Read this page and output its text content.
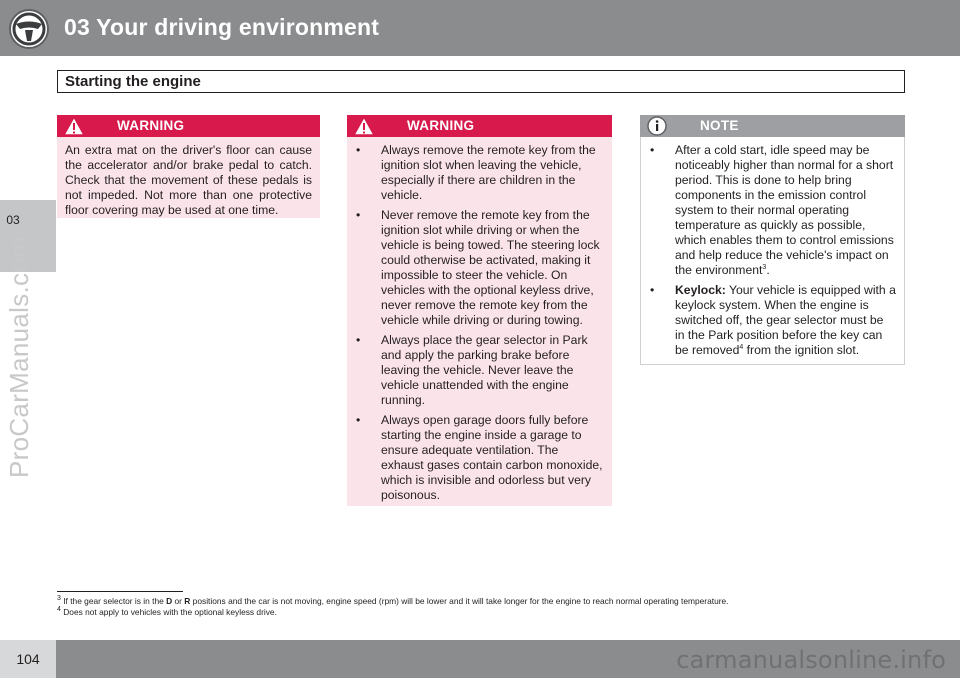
03 Your driving environment
03
ProCarManuals.com
Starting the engine
WARNING

An extra mat on the driver's floor can cause the accelerator and/or brake pedal to catch. Check that the movement of these pedals is not impeded. Not more than one protective floor covering may be used at one time.

WARNING
• Always remove the remote key from the ignition slot when leaving the vehicle, especially if there are children in the vehicle.
• Never remove the remote key from the ignition slot while driving or when the vehicle is being towed. The steering lock could otherwise be activated, making it impossible to steer the vehicle. On vehicles with the optional keyless drive, never remove the remote key from the vehicle while driving or during towing.
• Always place the gear selector in Park and apply the parking brake before leaving the vehicle. Never leave the vehicle unattended with the engine running.
• Always open garage doors fully before starting the engine inside a garage to ensure adequate ventilation. The exhaust gases contain carbon monoxide, which is invisible and odorless but very poisonous.
NOTE
• After a cold start, idle speed may be noticeably higher than normal for a short period. This is done to help bring components in the emission control system to their normal operating temperature as quickly as possible, which enables them to control emissions and help reduce the vehicle's impact on the environment$^3$.
• Keylock: Your vehicle is equipped with a keylock system. When the engine is switched off, the gear selector must be in the Park position before the key can be removed$^4$ from the ignition slot.
$^3$ If the gear selector is in the D or R positions and the car is not moving, engine speed (rpm) will be lower and it will take longer for the engine to reach normal operating temperature.
$^4$ Does not apply to vehicles with the optional keyless drive.
104	carmanualsonline.info
